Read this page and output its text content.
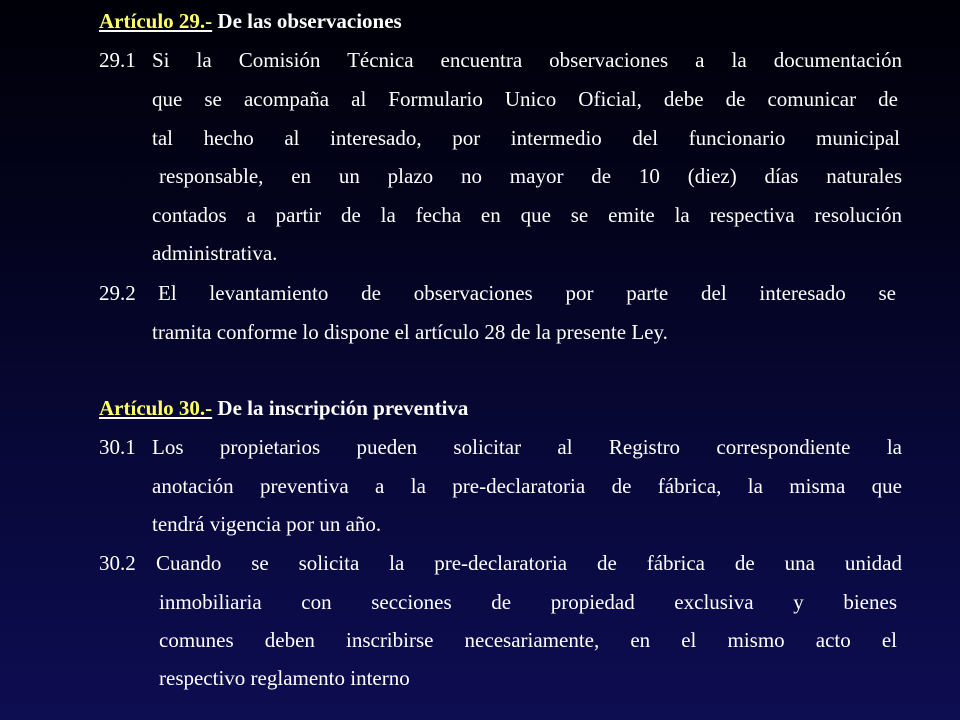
Artículo 29.- De las observaciones
29.1 Si la Comisión Técnica encuentra observaciones a la documentación
que se acompaña al Formulario Unico Oficial, debe de comunicar de
tal hecho al interesado, por intermedio del funcionario municipal
responsable, en un plazo no mayor de 10 (diez) días naturales
contados a partir de la fecha en que se emite la respectiva resolución
administrativa.
29.2 El levantamiento de observaciones por parte del interesado se
tramita conforme lo dispone el artículo 28 de la presente Ley.
Artículo 30.- De la inscripción preventiva
30.1 Los propietarios pueden solicitar al Registro correspondiente la
anotación preventiva a la pre-declaratoria de fábrica, la misma que
tendrá vigencia por un año.
30.2 Cuando se solicita la pre-declaratoria de fábrica de una unidad
inmobiliaria con secciones de propiedad exclusiva y bienes
comunes deben inscribirse necesariamente, en el mismo acto el
respectivo reglamento interno
